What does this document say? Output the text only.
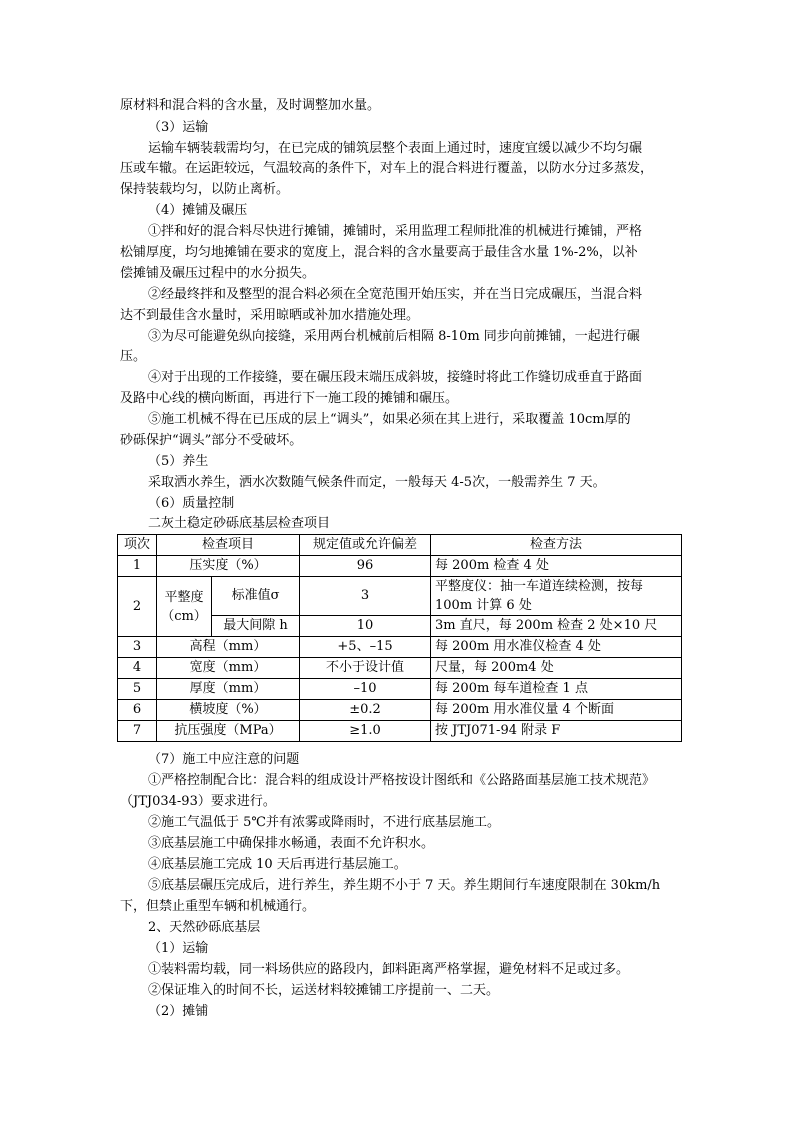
原材料和混合料的含水量，及时调整加水量。
（3）运输
运输车辆装载需均匀，在已完成的铺筑层整个表面上通过时，速度宜缓以减少不均匀碾
压或车辙。在运距较远，气温较高的条件下，对车上的混合料进行覆盖，以防水分过多蒸发，
保持装载均匀，以防止离析。
（4）摊铺及碾压
①拌和好的混合料尽快进行摊铺，摊铺时，采用监理工程师批准的机械进行摊铺，严格
松铺厚度，均匀地摊铺在要求的宽度上，混合料的含水量要高于最佳含水量 1%-2%，以补
偿摊铺及碾压过程中的水分损失。
②经最终拌和及整型的混合料必须在全宽范围开始压实，并在当日完成碾压，当混合料
达不到最佳含水量时，采用晾晒或补加水措施处理。
③为尽可能避免纵向接缝，采用两台机械前后相隔 8-10m 同步向前摊铺，一起进行碾
压。
④对于出现的工作接缝，要在碾压段末端压成斜坡，接缝时将此工作缝切成垂直于路面
及路中心线的横向断面，再进行下一施工段的摊铺和碾压。
⑤施工机械不得在已压成的层上“调头”，如果必须在其上进行，采取覆盖 10cm厚的
砂砾保护“调头”部分不受破坏。
（5）养生
采取洒水养生，洒水次数随气候条件而定，一般每天 4-5次，一般需养生 7 天。
（6）质量控制
二灰土稳定砂砾底基层检查项目
项次	检查项目		规定值或允许偏差	检查方法
1	压实度（%）		96	每 200m 检查 4 处
2	平整度（cm）	标准值σ	3	平整度仪：抽一车道连续检测，按每100m 计算 6 处
		最大间隙 h	10	3m 直尺，每 200m 检查 2 处×10 尺
3	高程（mm）		+5、–15	每 200m 用水准仪检查 4 处
4	宽度（mm）		不小于设计值	尺量，每 200m4 处
5	厚度（mm）		–10	每 200m 每车道检查 1 点
6	横坡度（%）		±0.2	每 200m 用水准仪量 4 个断面
7	抗压强度（MPa）		≥1.0	按 JTJ071-94 附录 F
（7）施工中应注意的问题
①严格控制配合比：混合料的组成设计严格按设计图纸和《公路路面基层施工技术规范》
（JTJ034-93）要求进行。
②施工气温低于 5℃并有浓雾或降雨时，不进行底基层施工。
③底基层施工中确保排水畅通，表面不允许积水。
④底基层施工完成 10 天后再进行基层施工。
⑤底基层碾压完成后，进行养生，养生期不小于 7 天。养生期间行车速度限制在 30km/h
下，但禁止重型车辆和机械通行。
2、天然砂砾底基层
（1）运输
①装料需均载，同一料场供应的路段内，卸料距离严格掌握，避免材料不足或过多。
②保证堆入的时间不长，运送材料较摊铺工序提前一、二天。
（2）摊铺
